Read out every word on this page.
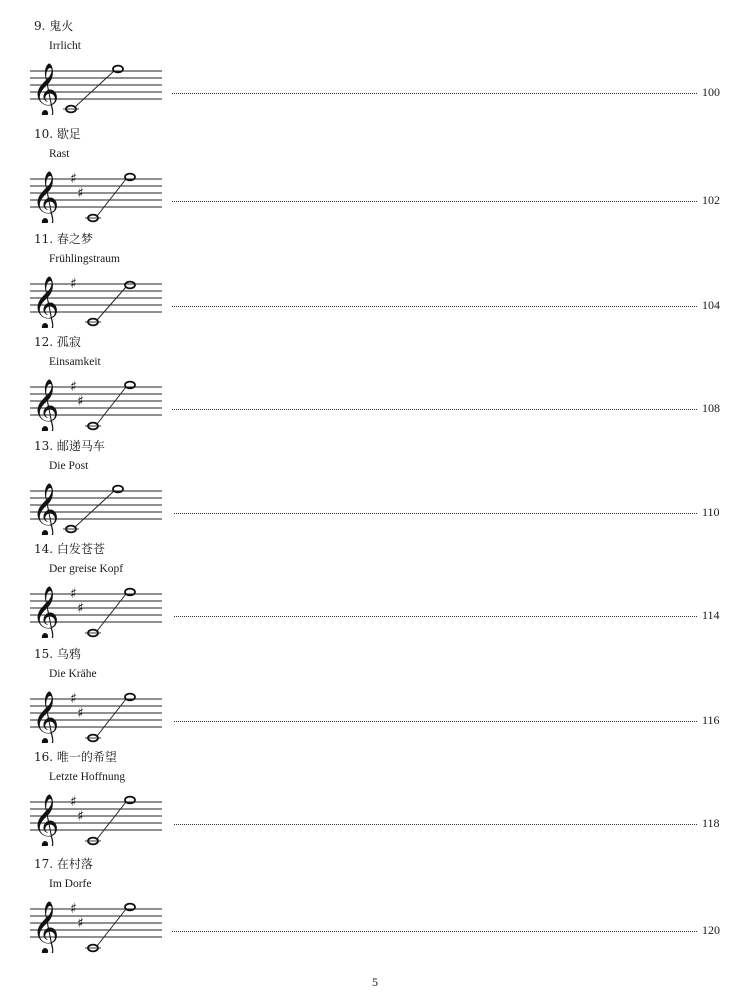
9. 鬼火
Irrlicht
𝄞	100
10. 歇足
Rast
𝄞 ♯
♯	102
11. 春之梦
Frühlingstraum
𝄞 ♯
104
12. 孤寂
Einsamkeit
𝄞 ♯
♯	108
13. 邮递马车
Die Post
𝄞	110
14. 白发苍苍
Der greise Kopf
𝄞 ♯
♯	114
15. 乌鸦
Die Krähe
𝄞 ♯
♯	116
16. 唯一的希望
Letzte Hoffnung
𝄞 ♯
♯	118
17. 在村落
Im Dorfe
𝄞 ♯
♯	120
5
